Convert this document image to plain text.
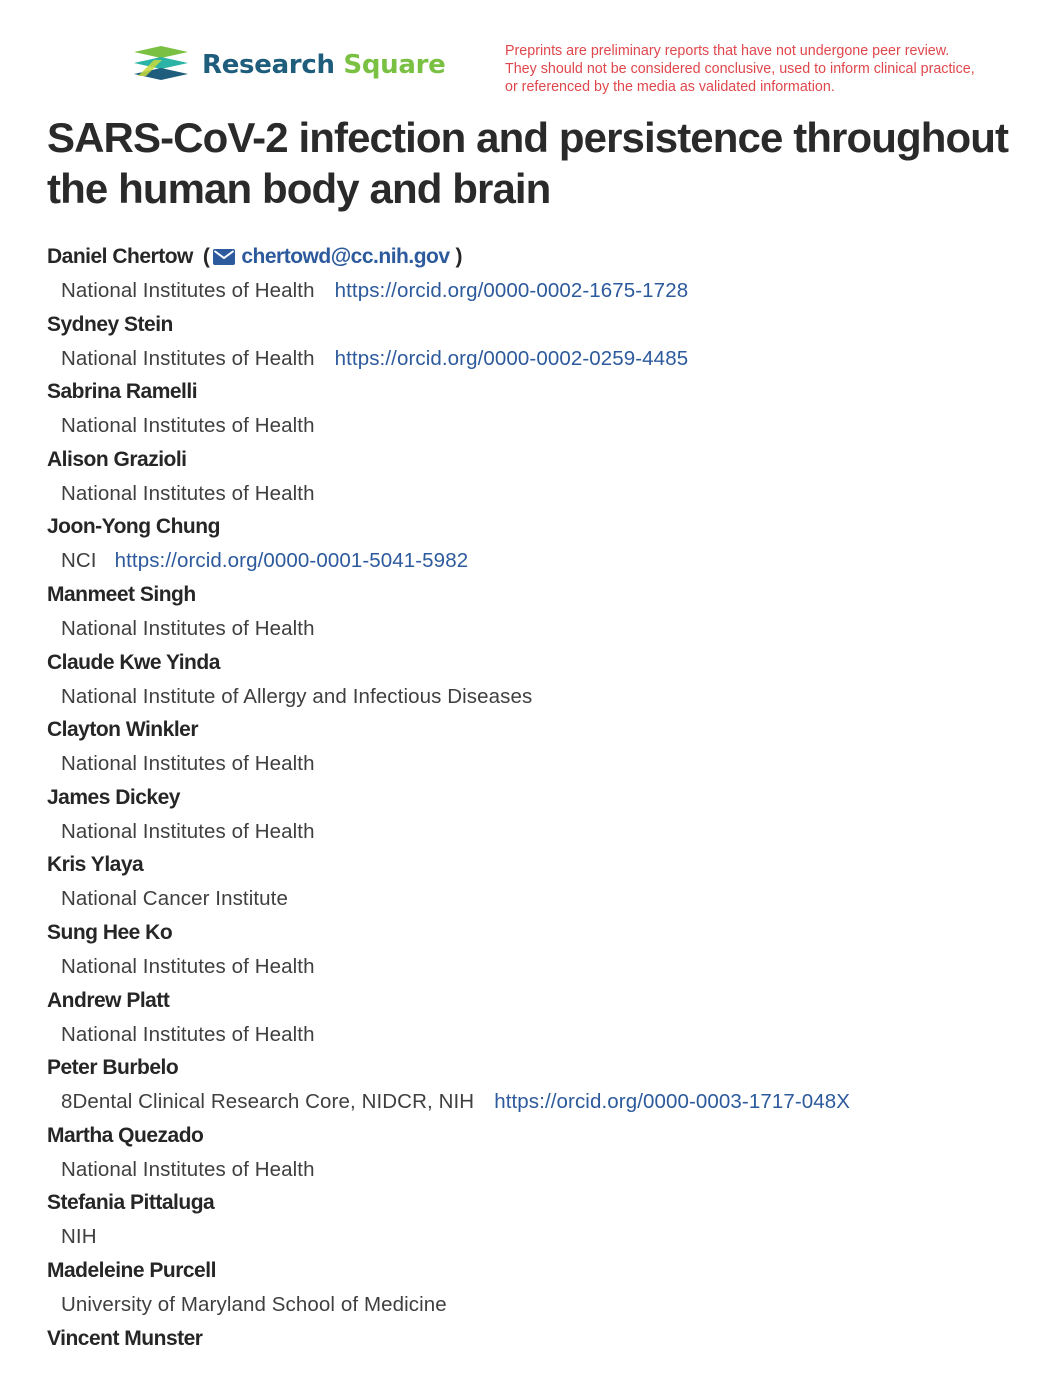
Research Square	Preprints are preliminary reports that have not undergone peer review.
They should not be considered conclusive, used to inform clinical practice,
or referenced by the media as validated information.
SARS-CoV-2 infection and persistence throughout the human body and brain
Daniel Chertow ( chertowd@cc.nih.gov )
National Institutes of Health https://orcid.org/0000-0002-1675-1728
Sydney Stein
National Institutes of Health https://orcid.org/0000-0002-0259-4485
Sabrina Ramelli
National Institutes of Health
Alison Grazioli
National Institutes of Health
Joon-Yong Chung
NCI https://orcid.org/0000-0001-5041-5982
Manmeet Singh
National Institutes of Health
Claude Kwe Yinda
National Institute of Allergy and Infectious Diseases
Clayton Winkler
National Institutes of Health
James Dickey
National Institutes of Health
Kris Ylaya
National Cancer Institute
Sung Hee Ko
National Institutes of Health
Andrew Platt
National Institutes of Health
Peter Burbelo
8Dental Clinical Research Core, NIDCR, NIH https://orcid.org/0000-0003-1717-048X
Martha Quezado
National Institutes of Health
Stefania Pittaluga
NIH
Madeleine Purcell
University of Maryland School of Medicine
Vincent Munster
